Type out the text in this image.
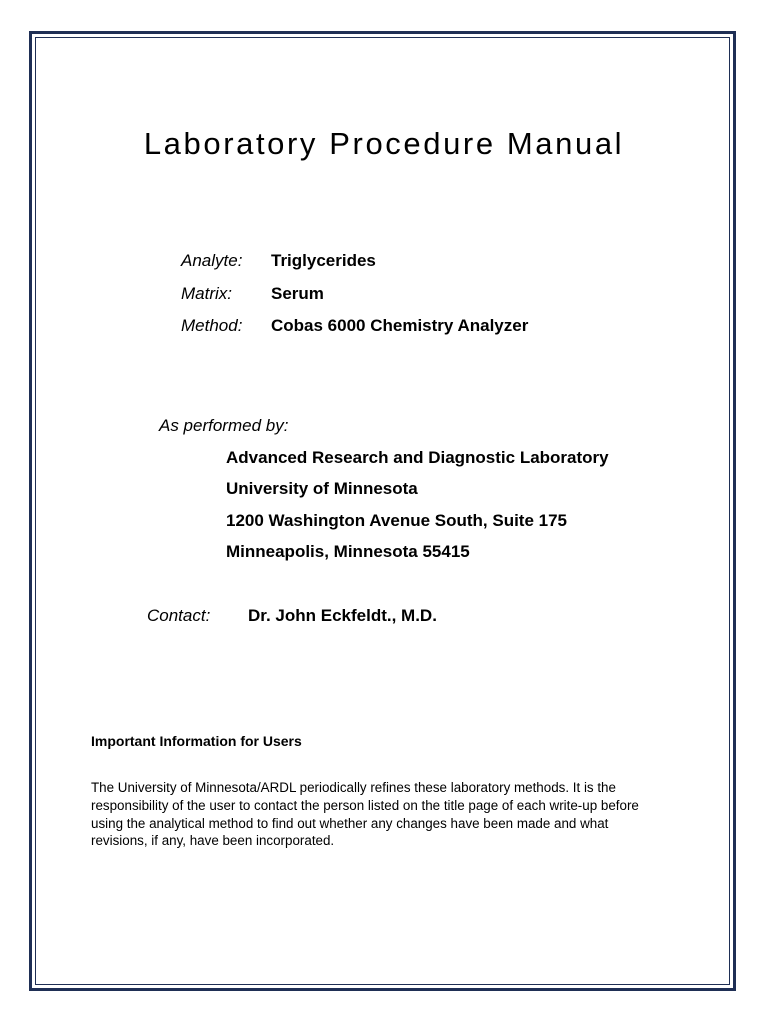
Laboratory Procedure Manual
Analyte: Triglycerides
Matrix: Serum
Method: Cobas 6000 Chemistry Analyzer
As performed by:
Advanced Research and Diagnostic Laboratory
University of Minnesota
1200 Washington Avenue South, Suite 175
Minneapolis, Minnesota 55415
Contact: Dr. John Eckfeldt., M.D.
Important Information for Users
The University of Minnesota/ARDL periodically refines these laboratory methods. It is the
responsibility of the user to contact the person listed on the title page of each write-up before
using the analytical method to find out whether any changes have been made and what
revisions, if any, have been incorporated.
